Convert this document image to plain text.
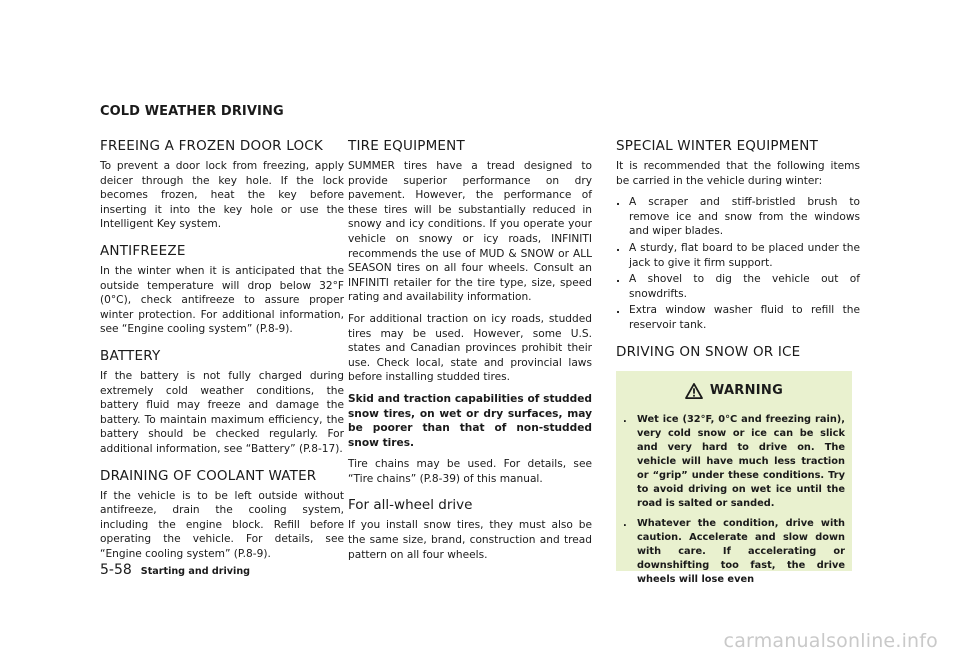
COLD WEATHER DRIVING
FREEING A FROZEN DOOR LOCK

To prevent a door lock from freezing, apply deicer through the key hole. If the lock becomes frozen, heat the key before inserting it into the key hole or use the Intelligent Key system.

ANTIFREEZE

In the winter when it is anticipated that the outside temperature will drop below 32°F (0°C), check antifreeze to assure proper winter protection. For additional information, see “Engine cooling system” (P.8-9).

BATTERY

If the battery is not fully charged during extremely cold weather conditions, the battery fluid may freeze and damage the battery. To maintain maximum efficiency, the battery should be checked regularly. For additional information, see “Battery” (P.8-17).

DRAINING OF COOLANT WATER

If the vehicle is to be left outside without antifreeze, drain the cooling system, including the engine block. Refill before operating the vehicle. For details, see “Engine cooling system” (P.8-9).

TIRE EQUIPMENT

SUMMER tires have a tread designed to provide superior performance on dry pavement. However, the performance of these tires will be substantially reduced in snowy and icy conditions. If you operate your vehicle on snowy or icy roads, INFINITI recommends the use of MUD & SNOW or ALL SEASON tires on all four wheels. Consult an INFINITI retailer for the tire type, size, speed rating and availability information.

For additional traction on icy roads, studded tires may be used. However, some U.S. states and Canadian provinces prohibit their use. Check local, state and provincial laws before installing studded tires.

Skid and traction capabilities of studded snow tires, on wet or dry surfaces, may be poorer than that of non-studded snow tires.

Tire chains may be used. For details, see “Tire chains” (P.8-39) of this manual.

For all-wheel drive

If you install snow tires, they must also be the same size, brand, construction and tread pattern on all four wheels.

SPECIAL WINTER EQUIPMENT

It is recommended that the following items be carried in the vehicle during winter:

. A scraper and stiff-bristled brush to remove ice and snow from the windows and wiper blades.
. A sturdy, flat board to be placed under the jack to give it firm support.
. A shovel to dig the vehicle out of snowdrifts.
. Extra window washer fluid to refill the reservoir tank.
DRIVING ON SNOW OR ICE
WARNING
. Wet ice (32°F, 0°C and freezing rain), very cold snow or ice can be slick and very hard to drive on. The vehicle will have much less traction or “grip” under these conditions. Try to avoid driving on wet ice until the road is salted or sanded.
. Whatever the condition, drive with caution. Accelerate and slow down with care. If accelerating or downshifting too fast, the drive wheels will lose even
5-58 Starting and driving
carmanualsonline.info
